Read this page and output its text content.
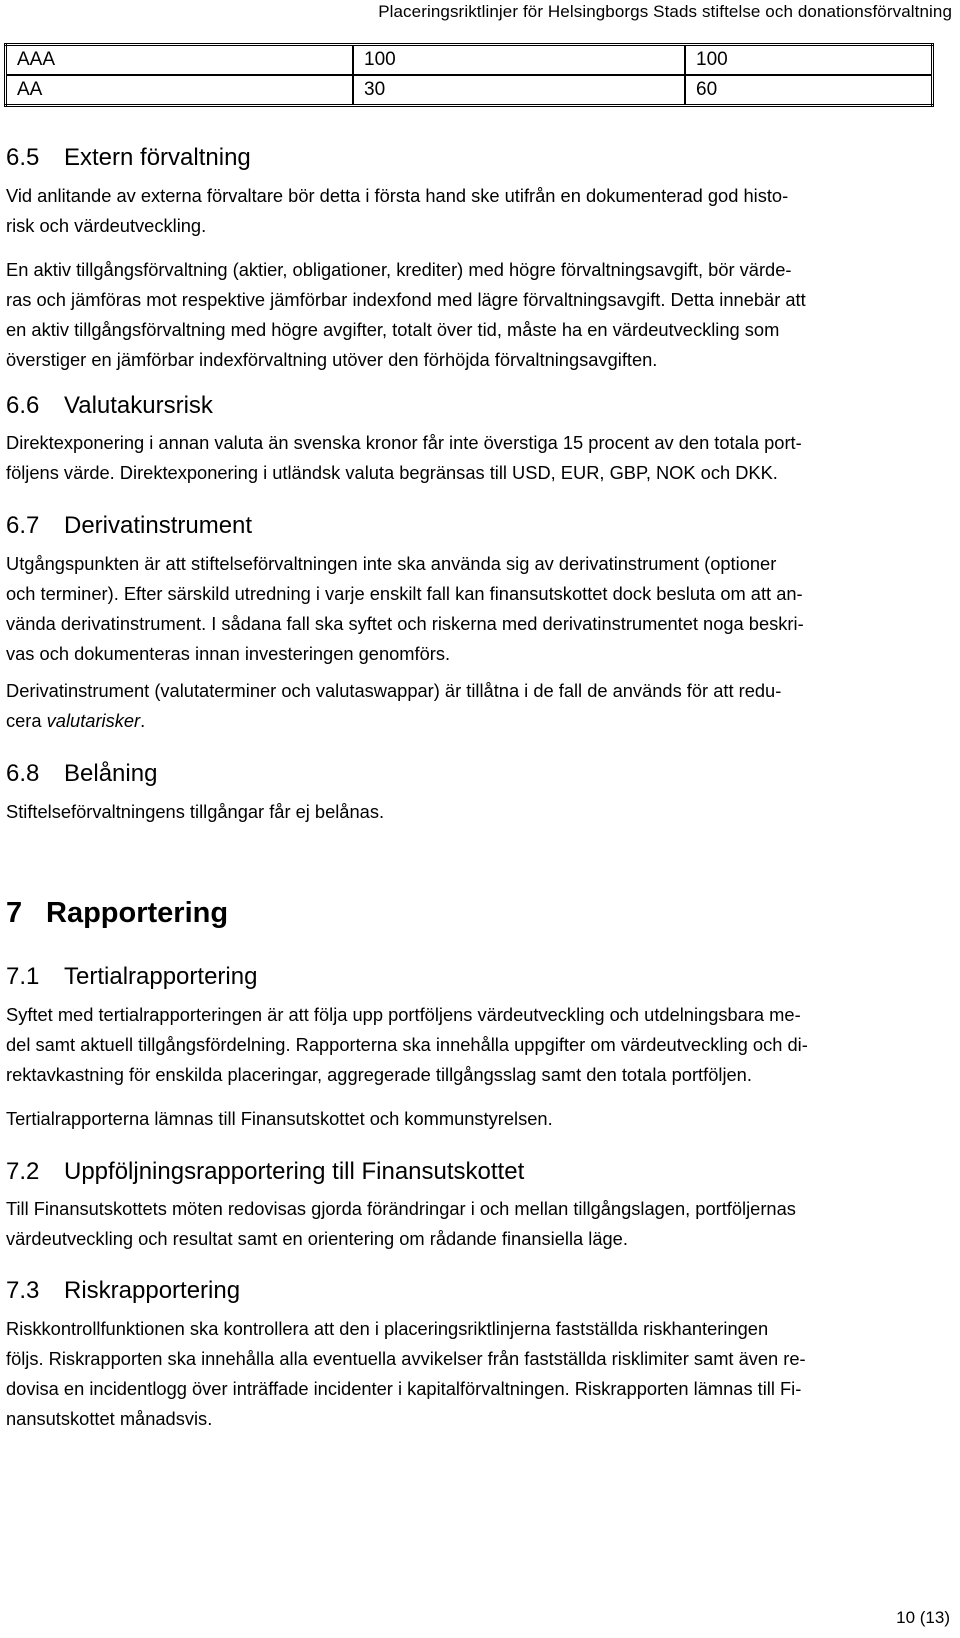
Placeringsriktlinjer för Helsingborgs Stads stiftelse och donationsförvaltning
AAA	100	100
AA	30	60
6.5 Extern förvaltning
Vid anlitande av externa förvaltare bör detta i första hand ske utifrån en dokumenterad god histo-
risk och värdeutveckling.
En aktiv tillgångsförvaltning (aktier, obligationer, krediter) med högre förvaltningsavgift, bör värde-
ras och jämföras mot respektive jämförbar indexfond med lägre förvaltningsavgift. Detta innebär att
en aktiv tillgångsförvaltning med högre avgifter, totalt över tid, måste ha en värdeutveckling som
överstiger en jämförbar indexförvaltning utöver den förhöjda förvaltningsavgiften.
6.6 Valutakursrisk
Direktexponering i annan valuta än svenska kronor får inte överstiga 15 procent av den totala port-
följens värde. Direktexponering i utländsk valuta begränsas till USD, EUR, GBP, NOK och DKK.
6.7 Derivatinstrument
Utgångspunkten är att stiftelseförvaltningen inte ska använda sig av derivatinstrument (optioner
och terminer). Efter särskild utredning i varje enskilt fall kan finansutskottet dock besluta om att an-
vända derivatinstrument. I sådana fall ska syftet och riskerna med derivatinstrumentet noga beskri-
vas och dokumenteras innan investeringen genomförs.
Derivatinstrument (valutaterminer och valutaswappar) är tillåtna i de fall de används för att redu-
cera valutarisker.
6.8 Belåning
Stiftelseförvaltningens tillgångar får ej belånas.
7 Rapportering
7.1 Tertialrapportering
Syftet med tertialrapporteringen är att följa upp portföljens värdeutveckling och utdelningsbara me-
del samt aktuell tillgångsfördelning. Rapporterna ska innehålla uppgifter om värdeutveckling och di-
rektavkastning för enskilda placeringar, aggregerade tillgångsslag samt den totala portföljen.
Tertialrapporterna lämnas till Finansutskottet och kommunstyrelsen.
7.2 Uppföljningsrapportering till Finansutskottet
Till Finansutskottets möten redovisas gjorda förändringar i och mellan tillgångslagen, portföljernas
värdeutveckling och resultat samt en orientering om rådande finansiella läge.
7.3 Riskrapportering
Riskkontrollfunktionen ska kontrollera att den i placeringsriktlinjerna fastställda riskhanteringen
följs. Riskrapporten ska innehålla alla eventuella avvikelser från fastställda risklimiter samt även re-
dovisa en incidentlogg över inträffade incidenter i kapitalförvaltningen. Riskrapporten lämnas till Fi-
nansutskottet månadsvis.
10 (13)
